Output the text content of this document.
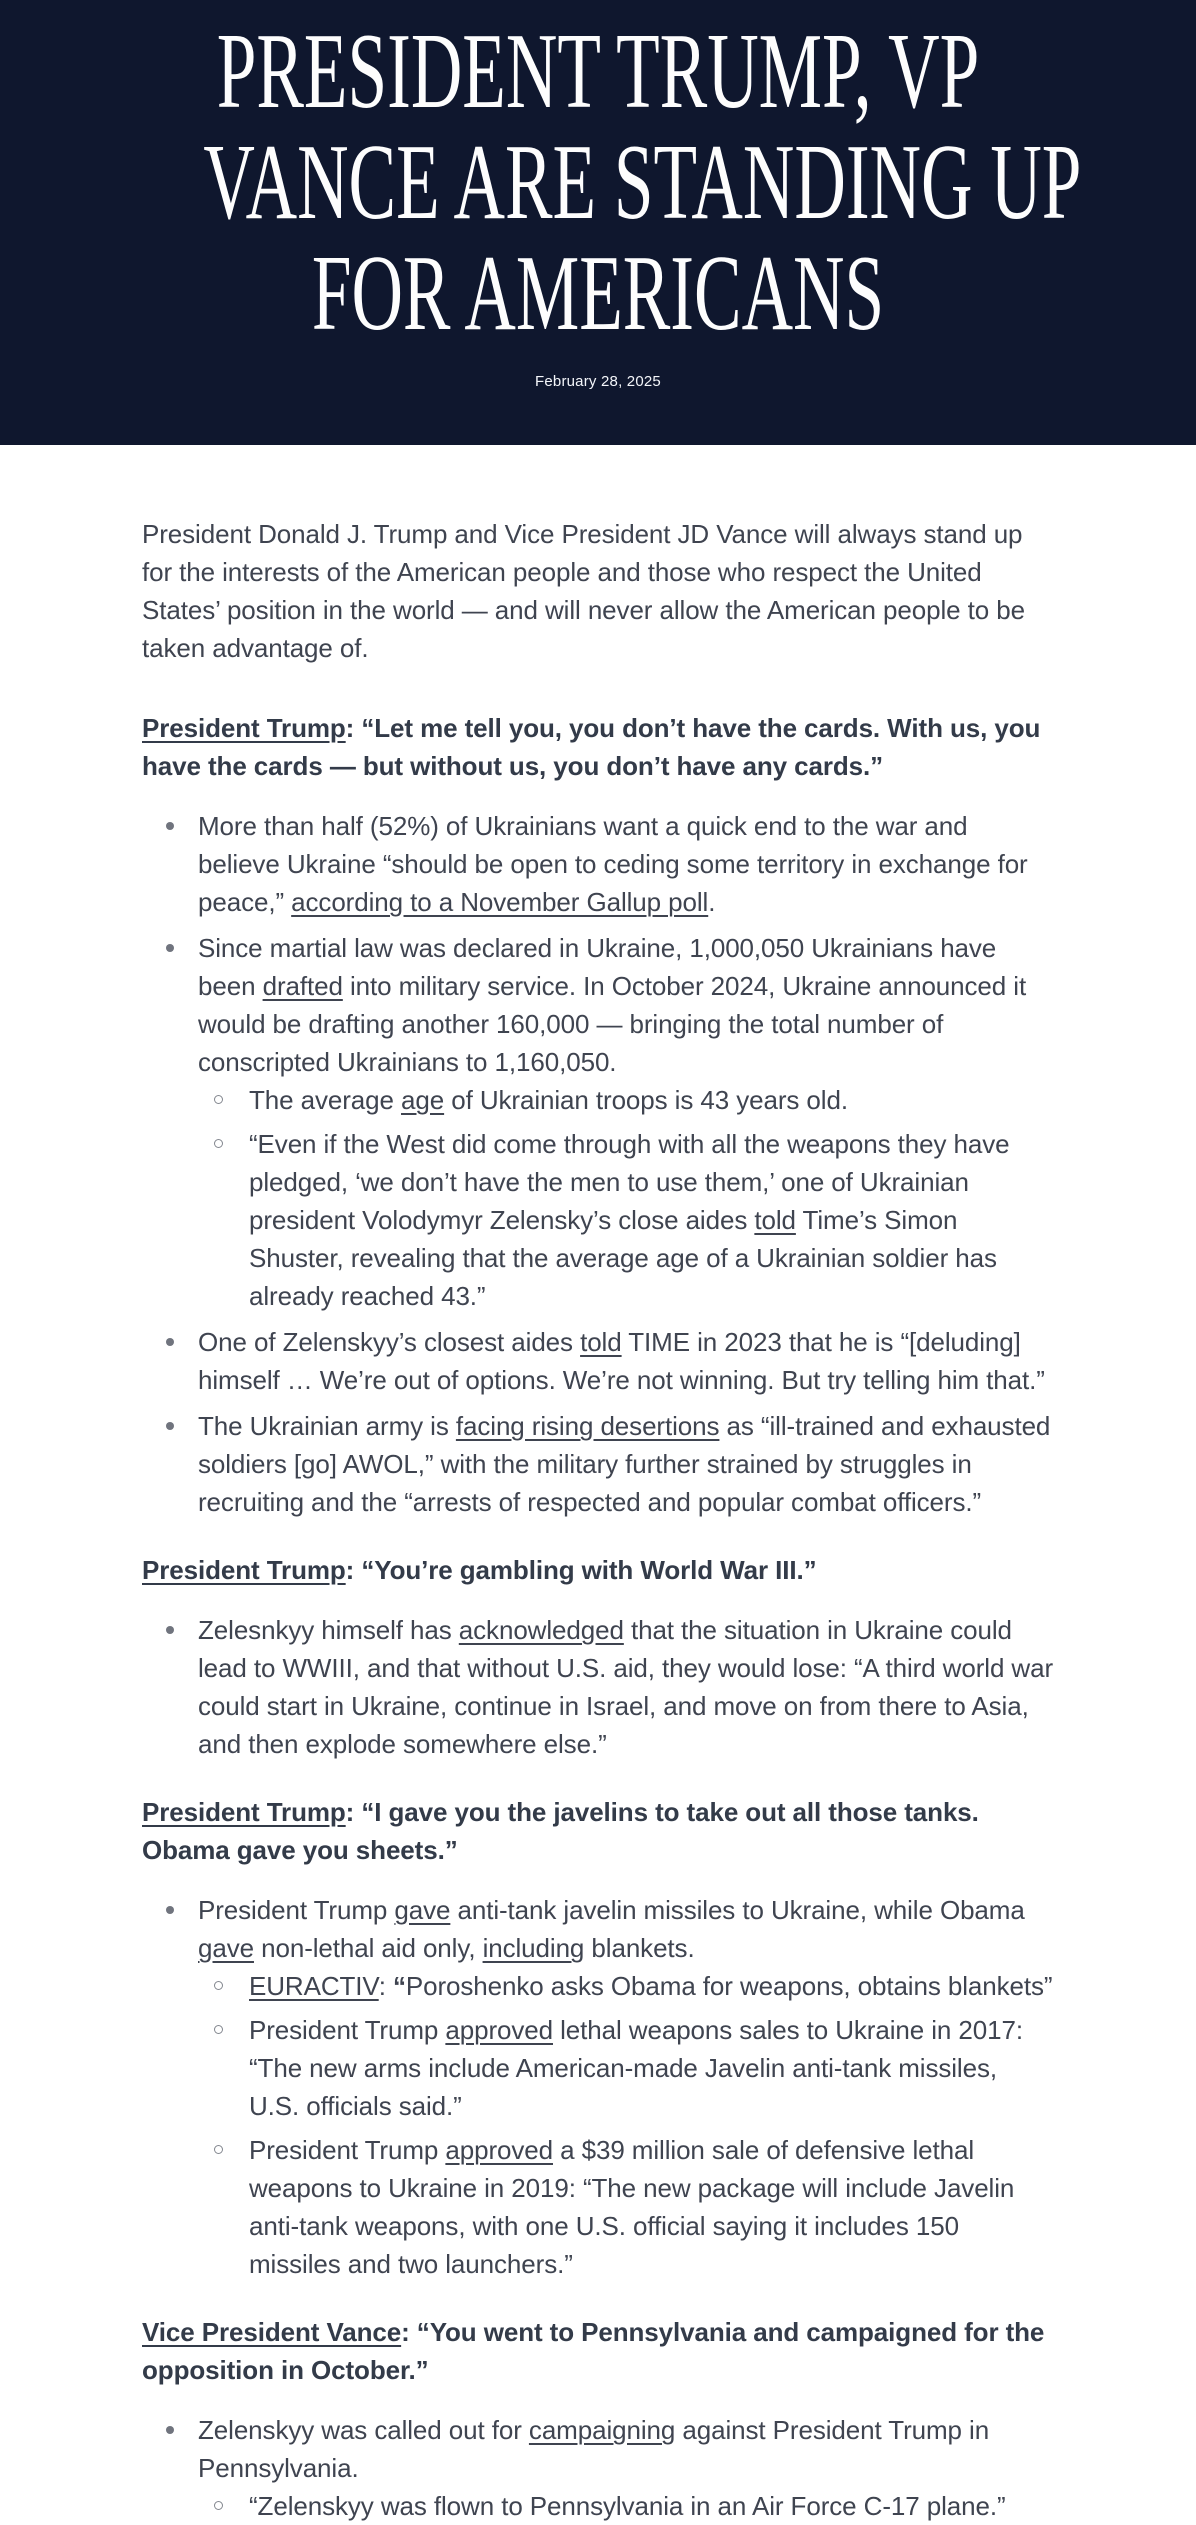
PRESIDENT TRUMP, VP
VANCE ARE STANDING UP
FOR AMERICANS
February 28, 2025

President Donald J. Trump and Vice President JD Vance will always stand up for the interests of the American people and those who respect the United States’ position in the world — and will never allow the American people to be taken advantage of.

President Trump: “Let me tell you, you don’t have the cards. With us, you have the cards — but without us, you don’t have any cards.”
More than half (52%) of Ukrainians want a quick end to the war and believe Ukraine “should be open to ceding some territory in exchange for peace,” according to a November Gallup poll.
Since martial law was declared in Ukraine, 1,000,050 Ukrainians have been drafted into military service. In October 2024, Ukraine announced it would be drafting another 160,000 — bringing the total number of conscripted Ukrainians to 1,160,050.
The average age of Ukrainian troops is 43 years old.
“Even if the West did come through with all the weapons they have pledged, ‘we don’t have the men to use them,’ one of Ukrainian president Volodymyr Zelensky’s close aides told Time’s Simon Shuster, revealing that the average age of a Ukrainian soldier has already reached 43.”
One of Zelenskyy’s closest aides told TIME in 2023 that he is “[deluding] himself … We’re out of options. We’re not winning. But try telling him that.”
The Ukrainian army is facing rising desertions as “ill-trained and exhausted soldiers [go] AWOL,” with the military further strained by struggles in recruiting and the “arrests of respected and popular combat officers.”
President Trump: “You’re gambling with World War III.”
Zelesnkyy himself has acknowledged that the situation in Ukraine could lead to WWIII, and that without U.S. aid, they would lose: “A third world war could start in Ukraine, continue in Israel, and move on from there to Asia, and then explode somewhere else.”
President Trump: “I gave you the javelins to take out all those tanks. Obama gave you sheets.”
President Trump gave anti-tank javelin missiles to Ukraine, while Obama gave non-lethal aid only, including blankets.
EURACTIV: “Poroshenko asks Obama for weapons, obtains blankets”
President Trump approved lethal weapons sales to Ukraine in 2017: “The new arms include American-made Javelin anti-tank missiles, U.S. officials said.”
President Trump approved a $39 million sale of defensive lethal weapons to Ukraine in 2019: “The new package will include Javelin anti-tank weapons, with one U.S. official saying it includes 150 missiles and two launchers.”
Vice President Vance: “You went to Pennsylvania and campaigned for the opposition in October.”
Zelenskyy was called out for campaigning against President Trump in Pennsylvania.
“Zelenskyy was flown to Pennsylvania in an Air Force C-17 plane.”
